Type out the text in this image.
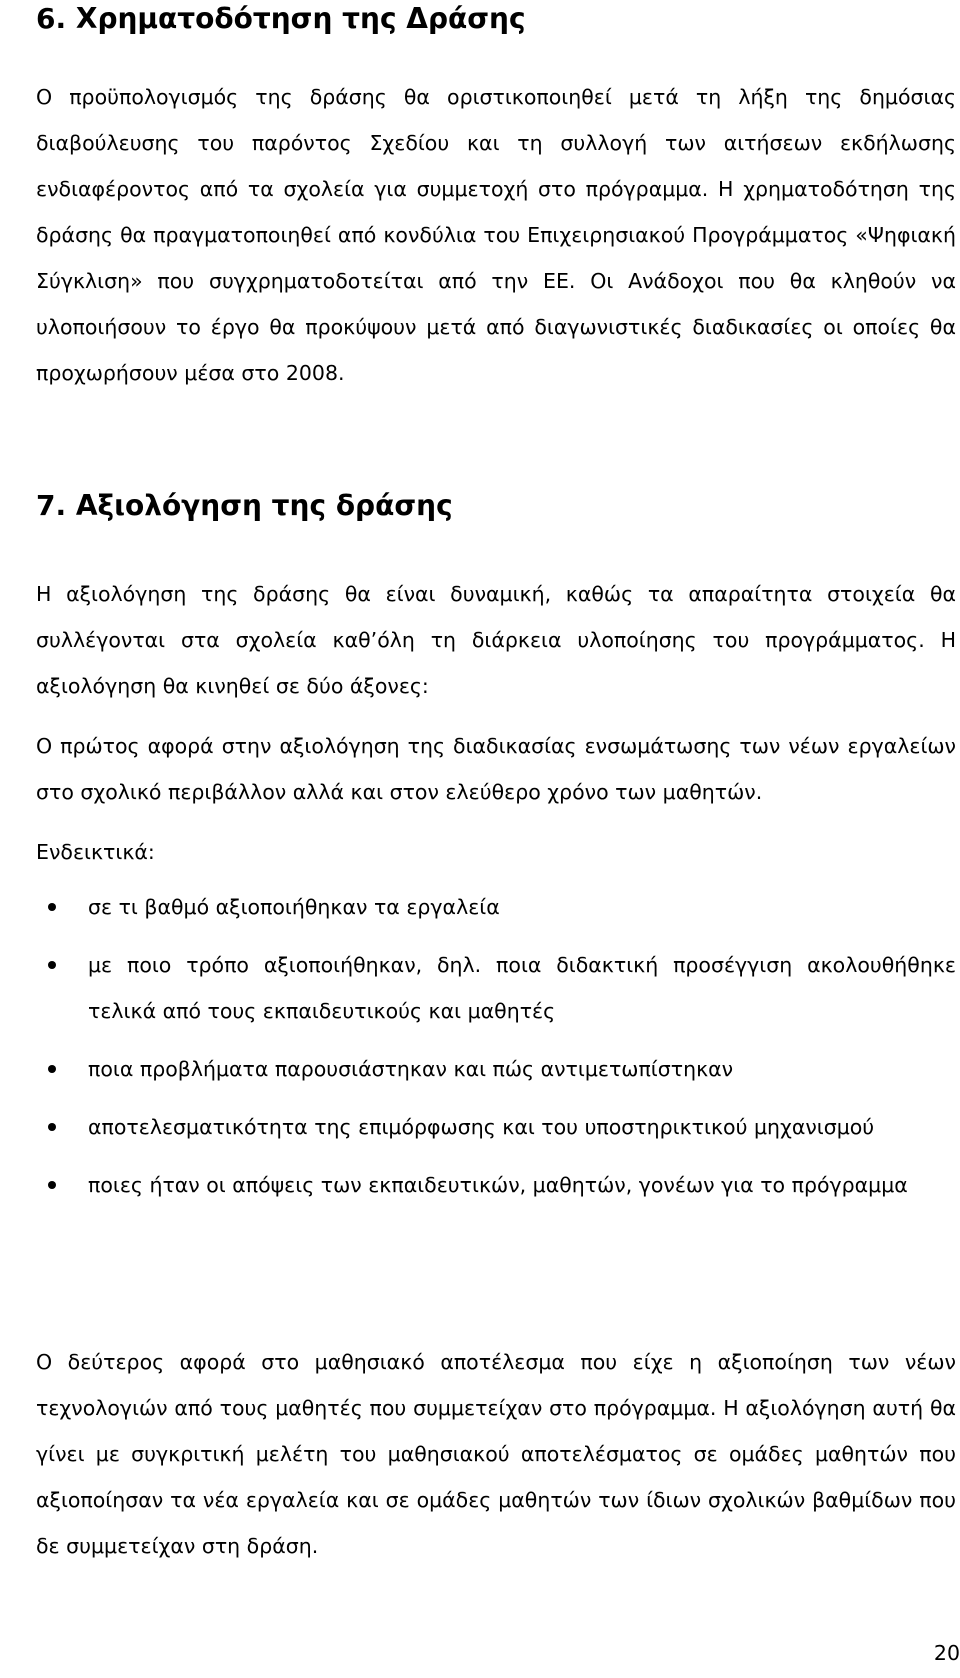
6. Χρηματοδότηση της Δράσης

Ο προϋπολογισμός της δράσης θα οριστικοποιηθεί μετά τη λήξη της δημόσιας διαβούλευσης του παρόντος Σχεδίου και τη συλλογή των αιτήσεων εκδήλωσης ενδιαφέροντος από τα σχολεία για συμμετοχή στο πρόγραμμα. Η χρηματοδότηση της δράσης θα πραγματοποιηθεί από κονδύλια του Επιχειρησιακού Προγράμματος «Ψηφιακή Σύγκλιση» που συγχρηματοδοτείται από την ΕΕ. Οι Ανάδοχοι που θα κληθούν να υλοποιήσουν το έργο θα προκύψουν μετά από διαγωνιστικές διαδικασίες οι οποίες θα προχωρήσουν μέσα στο 2008.

7. Αξιολόγηση της δράσης

Η αξιολόγηση της δράσης θα είναι δυναμική, καθώς τα απαραίτητα στοιχεία θα συλλέγονται στα σχολεία καθ’όλη τη διάρκεια υλοποίησης του προγράμματος. Η αξιολόγηση θα κινηθεί σε δύο άξονες:

Ο πρώτος αφορά στην αξιολόγηση της διαδικασίας ενσωμάτωσης των νέων εργαλείων στο σχολικό περιβάλλον αλλά και στον ελεύθερο χρόνο των μαθητών.

Ενδεικτικά:

σε τι βαθμό αξιοποιήθηκαν τα εργαλεία
με ποιο τρόπο αξιοποιήθηκαν, δηλ. ποια διδακτική προσέγγιση ακολουθήθηκε τελικά από τους εκπαιδευτικούς και μαθητές
ποια προβλήματα παρουσιάστηκαν και πώς αντιμετωπίστηκαν
αποτελεσματικότητα της επιμόρφωσης και του υποστηρικτικού μηχανισμού
ποιες ήταν οι απόψεις των εκπαιδευτικών, μαθητών, γονέων για το πρόγραμμα

Ο δεύτερος αφορά στο μαθησιακό αποτέλεσμα που είχε η αξιοποίηση των νέων τεχνολογιών από τους μαθητές που συμμετείχαν στο πρόγραμμα. Η αξιολόγηση αυτή θα γίνει με συγκριτική μελέτη του μαθησιακού αποτελέσματος σε ομάδες μαθητών που αξιοποίησαν τα νέα εργαλεία και σε ομάδες μαθητών των ίδιων σχολικών βαθμίδων που δε συμμετείχαν στη δράση.

20
